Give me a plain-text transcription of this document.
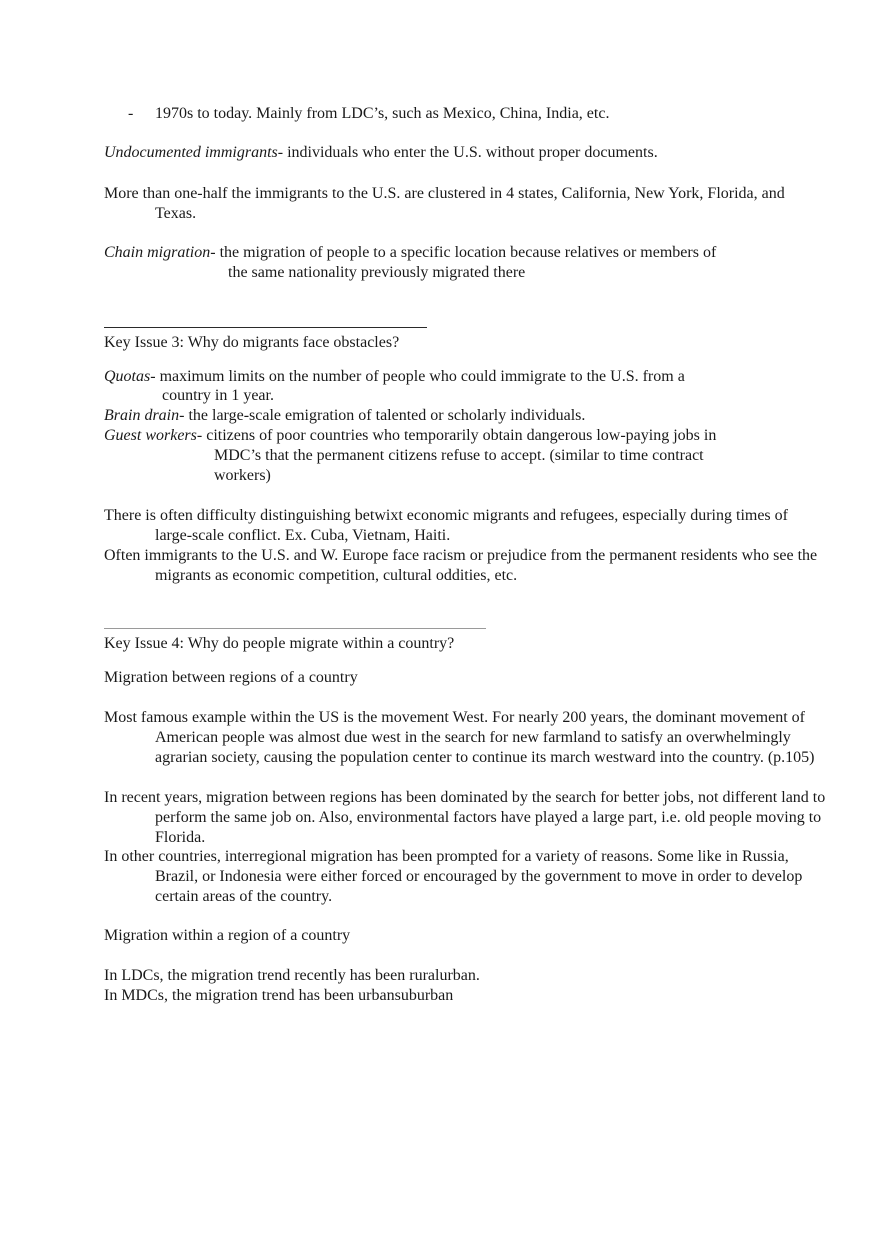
- 1970s to today. Mainly from LDC’s, such as Mexico, China, India, etc.

Undocumented immigrants- individuals who enter the U.S. without proper documents.

More than one-half the immigrants to the U.S. are clustered in 4 states, California, New York, Florida, and Texas.

Chain migration- the migration of people to a specific location because relatives or members of

the same nationality previously migrated there

Key Issue 3: Why do migrants face obstacles?

Quotas- maximum limits on the number of people who could immigrate to the U.S. from a

country in 1 year.

Brain drain- the large-scale emigration of talented or scholarly individuals.

Guest workers- citizens of poor countries who temporarily obtain dangerous low-paying jobs in

MDC’s that the permanent citizens refuse to accept. (similar to time contract

workers)

There is often difficulty distinguishing betwixt economic migrants and refugees, especially during times of large-scale conflict. Ex. Cuba, Vietnam, Haiti.

Often immigrants to the U.S. and W. Europe face racism or prejudice from the permanent residents who see the migrants as economic competition, cultural oddities, etc.

Key Issue 4: Why do people migrate within a country?

Migration between regions of a country

Most famous example within the US is the movement West. For nearly 200 years, the dominant movement of American people was almost due west in the search for new farmland to satisfy an overwhelmingly agrarian society, causing the population center to continue its march westward into the country. (p.105)

In recent years, migration between regions has been dominated by the search for better jobs, not different land to perform the same job on. Also, environmental factors have played a large part, i.e. old people moving to Florida.

In other countries, interregional migration has been prompted for a variety of reasons. Some like in Russia, Brazil, or Indonesia were either forced or encouraged by the government to move in order to develop certain areas of the country.

Migration within a region of a country

In LDCs, the migration trend recently has been ruralurban.

In MDCs, the migration trend has been urbansuburban
